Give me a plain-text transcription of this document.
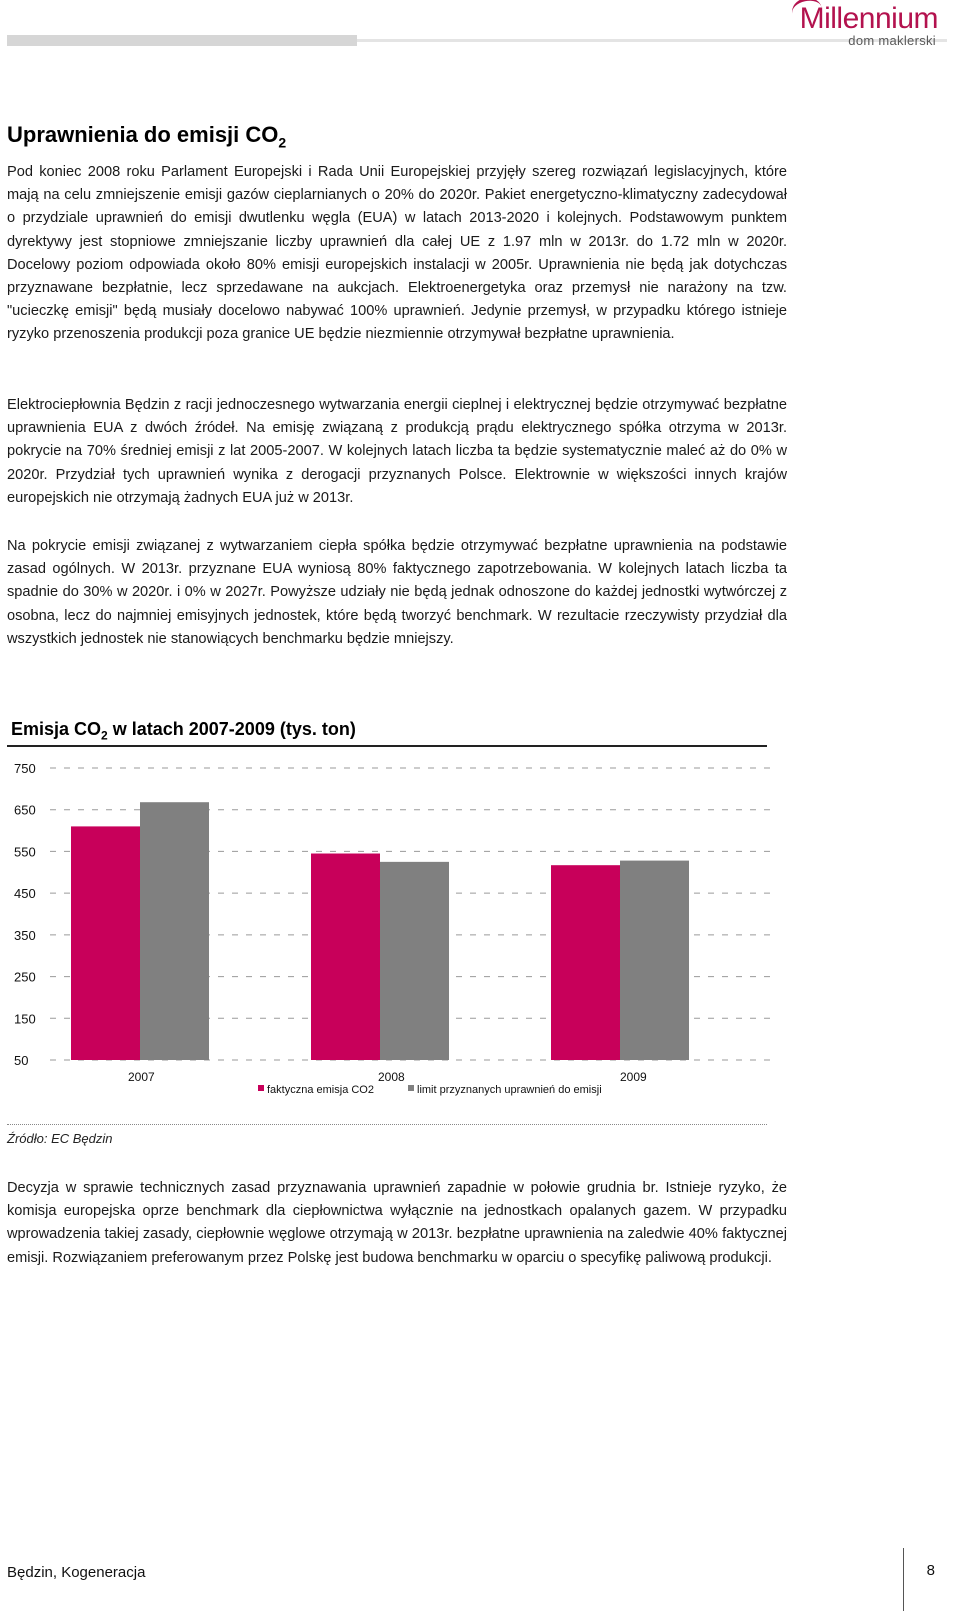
Millennium
dom maklerski
Uprawnienia do emisji $CO_2$

Pod koniec 2008 roku Parlament Europejski i Rada Unii Europejskiej przyjęły szereg rozwiązań legislacyjnych, które mają na celu zmniejszenie emisji gazów cieplarnianych o 20% do 2020r. Pakiet energetyczno-klimatyczny zadecydował o przydziale uprawnień do emisji dwutlenku węgla (EUA) w latach 2013-2020 i kolejnych. Podstawowym punktem dyrektywy jest stopniowe zmniejszanie liczby uprawnień dla całej UE z 1.97 mln w 2013r. do 1.72 mln w 2020r. Docelowy poziom odpowiada około 80% emisji europejskich instalacji w 2005r. Uprawnienia nie będą jak dotychczas przyznawane bezpłatnie, lecz sprzedawane na aukcjach. Elektroenergetyka oraz przemysł nie narażony na tzw. "ucieczkę emisji" będą musiały docelowo nabywać 100% uprawnień. Jedynie przemysł, w przypadku którego istnieje ryzyko przenoszenia produkcji poza granice UE będzie niezmiennie otrzymywał bezpłatne uprawnienia.

Elektrociepłownia Będzin z racji jednoczesnego wytwarzania energii cieplnej i elektrycznej będzie otrzymywać bezpłatne uprawnienia EUA z dwóch źródeł. Na emisję związaną z produkcją prądu elektrycznego spółka otrzyma w 2013r. pokrycie na 70% średniej emisji z lat 2005-2007. W kolejnych latach liczba ta będzie systematycznie maleć aż do 0% w 2020r. Przydział tych uprawnień wynika z derogacji przyznanych Polsce. Elektrownie w większości innych krajów europejskich nie otrzymają żadnych EUA już w 2013r.

Na pokrycie emisji związanej z wytwarzaniem ciepła spółka będzie otrzymywać bezpłatne uprawnienia na podstawie zasad ogólnych. W 2013r. przyznane EUA wyniosą 80% faktycznego zapotrzebowania. W kolejnych latach liczba ta spadnie do 30% w 2020r. i 0% w 2027r. Powyższe udziały nie będą jednak odnoszone do każdej jednostki wytwórczej z osobna, lecz do najmniej emisyjnych jednostek, które będą tworzyć benchmark. W rezultacie rzeczywisty przydział dla wszystkich jednostek nie stanowiących benchmarku będzie mniejszy.

Emisja $CO_2$ w latach 2007-2009 (tys. ton)
50
150
250
350
450
550
650
750
2007	2008	2009
faktyczna emisja CO2	limit przyznanych uprawnień do emisji
Źródło: EC Będzin

Decyzja w sprawie technicznych zasad przyznawania uprawnień zapadnie w połowie grudnia br. Istnieje ryzyko, że komisja europejska oprze benchmark dla ciepłownictwa wyłącznie na jednostkach opalanych gazem. W przypadku wprowadzenia takiej zasady, ciepłownie węglowe otrzymają w 2013r. bezpłatne uprawnienia na zaledwie 40% faktycznej emisji. Rozwiązaniem preferowanym przez Polskę jest budowa benchmarku w oparciu o specyfikę paliwową produkcji.

Będzin, Kogeneracja	8
